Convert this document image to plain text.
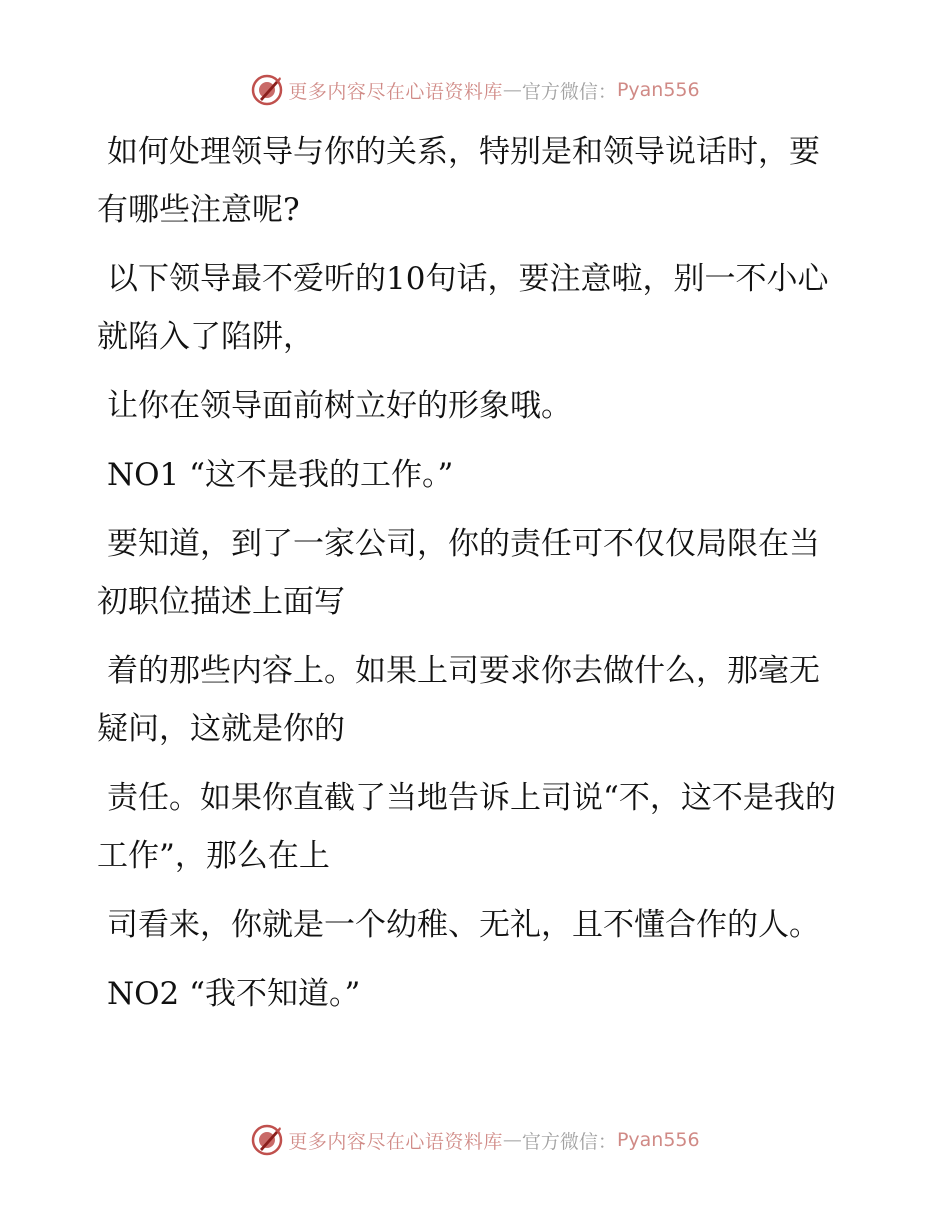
更多内容尽在心语资料库 — 官方微信： Pyan556

如何处理领导与你的关系，特别是和领导说话时，要有哪些注意呢?

以下领导最不爱听的10句话，要注意啦，别一不小心就陷入了陷阱，

让你在领导面前树立好的形象哦。

NO1 “这不是我的工作。”

要知道，到了一家公司，你的责任可不仅仅局限在当初职位描述上面写

着的那些内容上。如果上司要求你去做什么，那毫无疑问，这就是你的

责任。如果你直截了当地告诉上司说“不，这不是我的工作”，那么在上

司看来，你就是一个幼稚、无礼，且不懂合作的人。

NO2 “我不知道。”

更多内容尽在心语资料库 — 官方微信： Pyan556
